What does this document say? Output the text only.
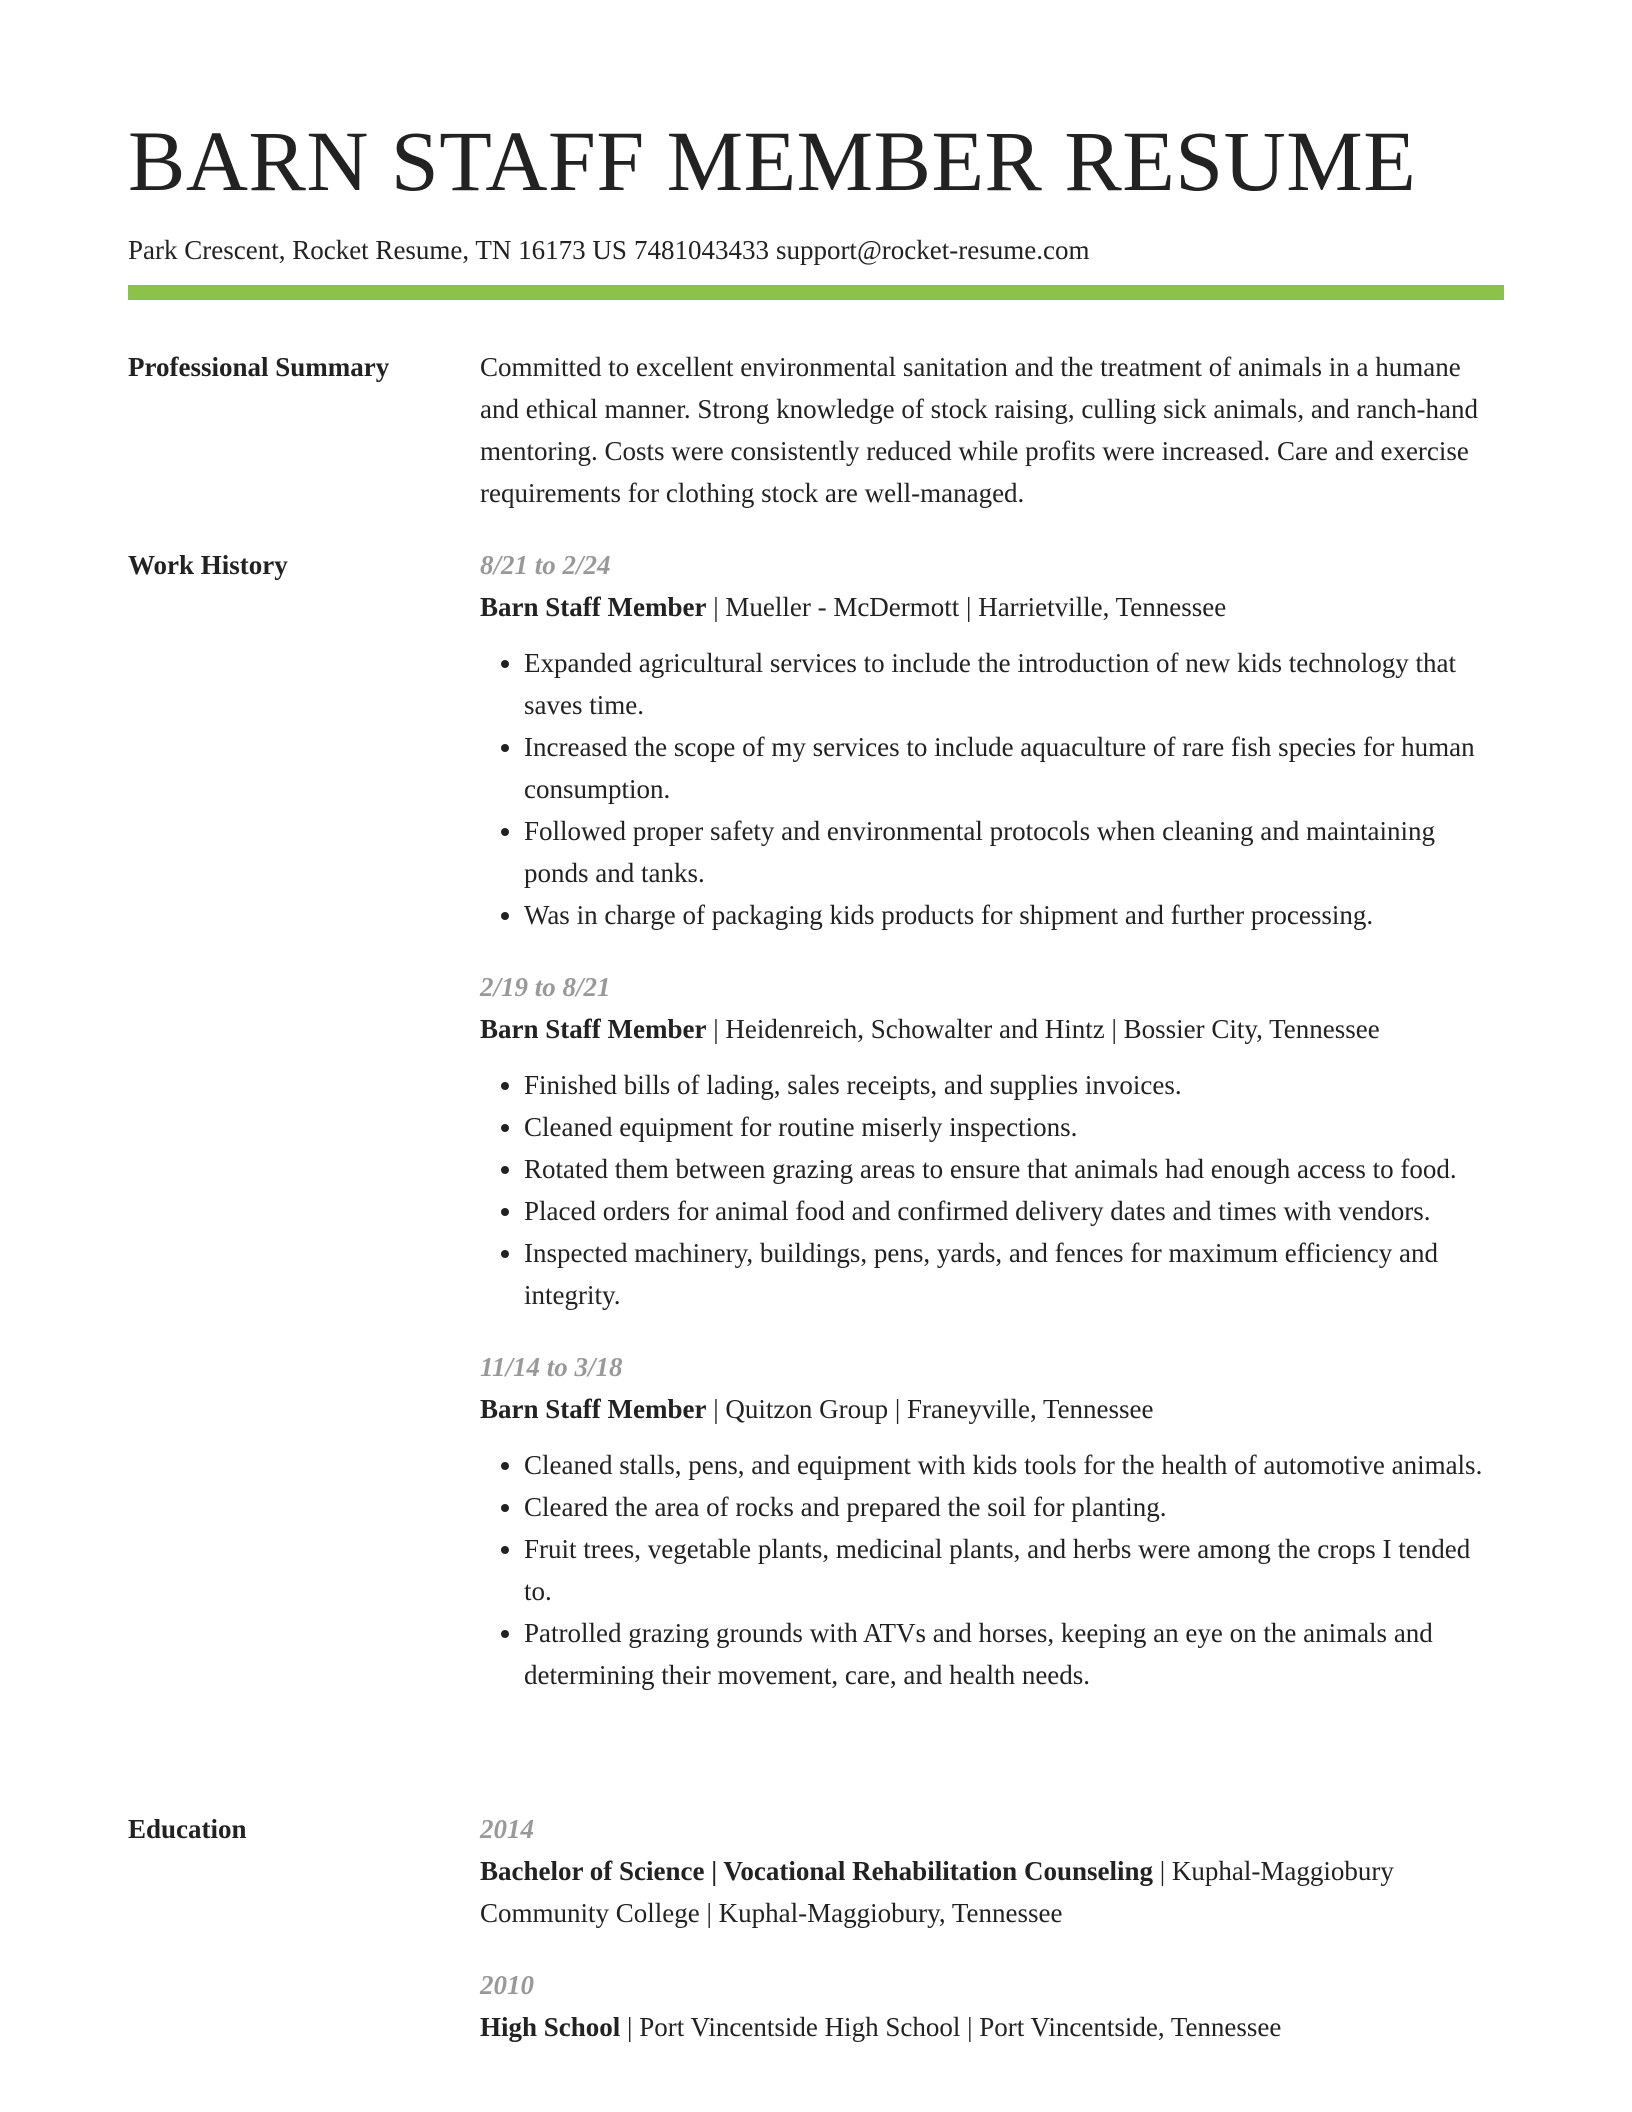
BARN STAFF MEMBER RESUME
Park Crescent, Rocket Resume, TN 16173 US 7481043433 support@rocket-resume.com
Professional Summary	Committed to excellent environmental sanitation and the treatment of animals in a humane and ethical manner. Strong knowledge of stock raising, culling sick animals, and ranch-hand mentoring. Costs were consistently reduced while profits were increased. Care and exercise requirements for clothing stock are well-managed.

Work History	8/21 to 2/24
Barn Staff Member | Mueller - McDermott | Harrietville, Tennessee
• Expanded agricultural services to include the introduction of new kids technology that saves time.
• Increased the scope of my services to include aquaculture of rare fish species for human consumption.
• Followed proper safety and environmental protocols when cleaning and maintaining ponds and tanks.
• Was in charge of packaging kids products for shipment and further processing.
2/19 to 8/21
Barn Staff Member | Heidenreich, Schowalter and Hintz | Bossier City, Tennessee
• Finished bills of lading, sales receipts, and supplies invoices.
• Cleaned equipment for routine miserly inspections.
• Rotated them between grazing areas to ensure that animals had enough access to food.
• Placed orders for animal food and confirmed delivery dates and times with vendors.
• Inspected machinery, buildings, pens, yards, and fences for maximum efficiency and integrity.
11/14 to 3/18
Barn Staff Member | Quitzon Group | Franeyville, Tennessee
• Cleaned stalls, pens, and equipment with kids tools for the health of automotive animals.
• Cleared the area of rocks and prepared the soil for planting.
• Fruit trees, vegetable plants, medicinal plants, and herbs were among the crops I tended to.
• Patrolled grazing grounds with ATVs and horses, keeping an eye on the animals and determining their movement, care, and health needs.
Education	2014
Bachelor of Science | Vocational Rehabilitation Counseling | Kuphal-Maggiobury Community College | Kuphal-Maggiobury, Tennessee
2010
High School | Port Vincentside High School | Port Vincentside, Tennessee
